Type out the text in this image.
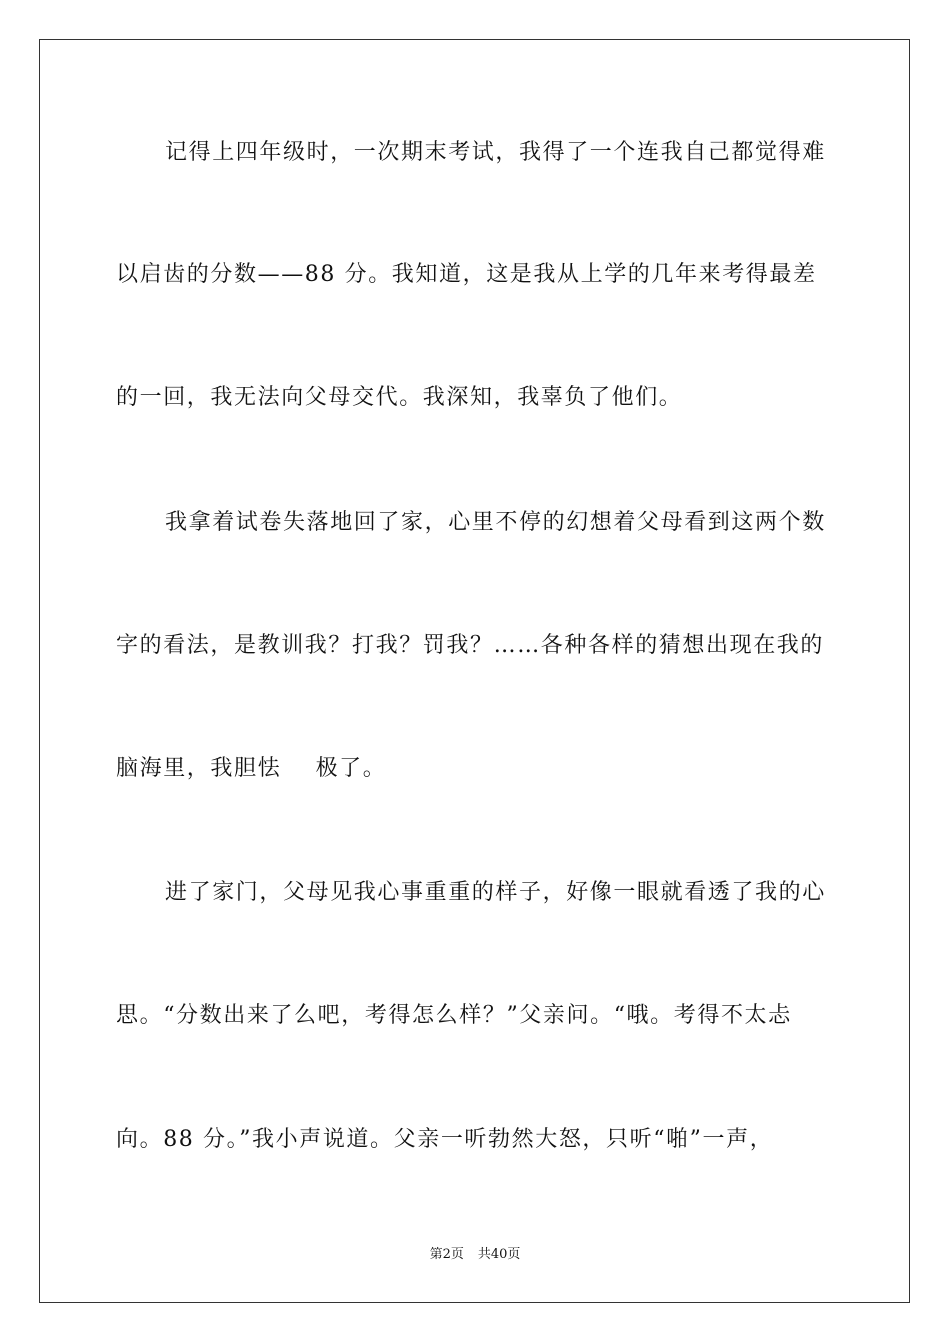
记得上四年级时，一次期末考试，我得了一个连我自己都觉得难
以启齿的分数——88 分。我知道，这是我从上学的几年来考得最差
的一回，我无法向父母交代。我深知，我辜负了他们。
我拿着试卷失落地回了家，心里不停的幻想着父母看到这两个数
字的看法，是教训我？打我？罚我？……各种各样的猜想出现在我的
脑海里，我胆怯    极了。
进了家门，父母见我心事重重的样子，好像一眼就看透了我的心
思。“分数出来了么吧，考得怎么样？”父亲问。“哦。考得不太忐
向。88 分。”我小声说道。父亲一听勃然大怒，只听“啪”一声，
第2页 共40页
